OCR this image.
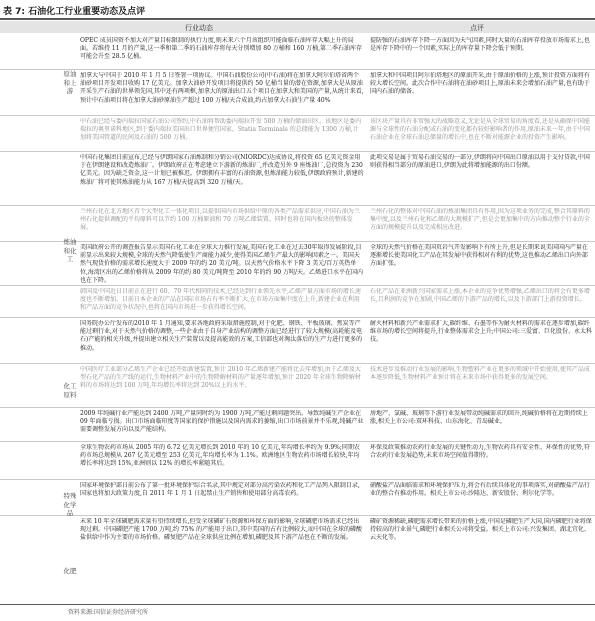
表 7: 石油化工行业重要动态及点评
行业动态	点评
OPEC 成员国资不加大对产量目标限制的执行力度,则未来六个月该组织可能面临石油库存大幅上升的局面。若维持 11 月的产量,这一季和第二季的石油库存将每天分别增加 80 万桶和 160 万桶,第二季石油库存可能会升至 28.5 亿桶。
提防强的石油库存下降一方面因为天气因素,同时大量的石油库存投放市场需求上,也是库存下降中的一个因素,实际上的库存量下降会低于预期。
加拿大与中国于 2010 年 1 月 5 日签署一项协议。中国石油股份公司(中石油)将在加拿大阿尔伯塔省两个油砂项目开发项目收购 17 亿美元。加拿大油砂开发项目将提供约 50 亿桶当量的潜在资源,加拿大是从原油开采生产石油的世界领先国,其中还有两项框,加拿大的原油出口五个项目在加拿大和美国的产量,从统计来看,预计中石油项目将在加拿大油砂原油生产超过 100 万桶/天合成油,约占加拿大石油生产量 40%
加拿大和中国项目阿尔伯塔地区的原油开采,由于原油价格的上涨,预计投资方面将有较大增长空间。此次合作中石油将在油砂项目上,原油未来会增加石油产量,也有助于国内石油的储备。
中石油已经与委内瑞拉国家石油公司签约,中石油将帮助委内瑞拉开发 500 万桶的储油田区。该地区是委内瑞拉的奥里诺科地区,到于委内瑞拉美国出口世界便宜国家。Statia Terminals 的总储能为 1300 万桶,计划将美国管道的民间及石油的 500 万桶。
该区块产量具有非常强大的战略意义,无论是从全球贸易的角度看,还是从确保中国能源与全球性的石油分配或石油的变化都有较好影响者的作用,原油未来一年,由于中国石油企业在全球石油总储量的增长中,也在不断对能源企业的投资产生影响。
中国石化集团日前宣布,已经与伊朗国家石油炼制和分销公司(NIORDC)达成协议,将投资 65 亿美元资金用于在伊朗建设和改造炼油厂。伊朗政府正在考虑建立下游新的炼油厂,并改造另外 9 座炼油厂,总投资为 230 亿美元。因为缺乏资金,这一计划已被推迟。伊朗拥有丰富的石油资源,但炼油能力较低,伊朗政府预计,新建的炼油厂将可使其炼油能力从 167 万桶/天提高到 320 万桶/天。
此项交易是属于贸易石油交易的一部分,伊朗将向中国出口原油以用于支付贷款,中国则获得相当部分的原油进口,伊朗为此将增加能源的出口份额。
兰州石化在北方地区首个大型化工一体化项目,以提供国内市场供给中原的各类产品需求供应,中国石油为兰州石化提供调配的平均原料可以节约 100 万桶原油和 70 万吨乙烯装置。同时也将在国内板块的整体发展。
兰州石化的整体对中国石油的炼油集团具有作用,因为这项业务的完成,整合其原料的集中度,以及兰州石化和乙烯的大规模扩产,但是会更加集中的方向推动整个行业的全方面的规模提升以及完成相应改进。
美国政府公开的调查报告显示美国石化工业在全球大力推行发展,美国石化工业在过去30年取得发展阶段,目前显示出来较大规模,全球的天然气降低使生产商能力减少,使得美国乙烯生产最大的影响因素之一。美国天然气现货价格的需求增长速度大于 2009 年的约 20 美元/吨。以天然气价格水平下降 3 美元/百万英热单位,海湾区出的乙烯价格将从 2009 年的约 80 美元/吨降至 2010 年的约 90 万吨/天。乙烯进口水平在国内也在下降。
全球的天然气价格在美国页岩气开发影响下有所上升,但是长期来说美国国内产量在逐渐增长使美国化工产品在其发展中获得相对有利的优势,这也推动乙烯出口向外部方面扩张。
韩国及中国近日目前正在进行 60、70 年代相同的技术,已经达到行业领先水平,乙烯产量方面市场的增长速度也不断增加。目前日本企业的产品在国际市场占有率不断扩大,在市场方面集中度在上升,新建企业在利用和产品方面的竞争状况中,也将在国内市场进一步获得增长空间。
石化产品在亚洲新兴国家需求上涨,本企业的竞争优势增强,乙烯出口的将会有更多增长,且利润的竞争在加剧,中国乙烯的下游产品的增长,以及下游部门上游投资增长。
国务院办公厅发布的2010 年 1 月通知,要求各地政府采取措施控制,对于化肥、钢铁、平板玻璃、焦炭等产能过剩行业,对于天然气价格的调整,一些企业由于自身产业结构的调整方面已经进行了较大规模(高耗能及电石)产能的相关升级,并提出建立相关生产装置以及提高能效的方案,工信部也对淘汰落后的生产力进行更多的推动。
耐火材料和新兴产业需求扩大,碳纤维、石墨等作为耐火材料的需求在逐步增加,碳纤维市场的增长空间将提升,行业整体需求会上升;中国公司:三爱富、巨化股份、永太科技。
中国医疗工业部分乙烯生产企业已经开始新建装置,预计 2010 年乙烯新建产能将比去年增加,由于乙烯及大型石化产品的生产线的运行,生物材料产业中的生物降解材料的产量逐年增加,预计 2020 年全球生物降解材料的市场将达到 100 万吨,年均增长率将达到 20%以上的水平。
技术进步及推动行业发展的影响,生物塑料产业在更多的领域中开始使用,使其产品成本逐步降低,生物材料产业预计将在未来市场中获得更多的发展空间。
2009 年纯碱行业产能达到 2400 万吨,产量同时约为 1900 万吨,产能过剩问题突出。导致纯碱生产企业在 09 年面临亏损。出口市场面临印度等国家的保护措施以及国内需求的萎缩,出口市场前景并不乐观,纯碱产业需要调整发展方向以及产能结构。
房地产、氯碱、玻璃等下游行业发展带动纯碱需求的回升,纯碱价格将在近期持续上涨,相关上市公司:双环科技、山东海化、青岛碱业。
全球生物农药市场从 2005 年的 6.72 亿美元增长到 2010 年的 10 亿美元,年均增长率约为 9.9%;同期农药市场总规模从 267 亿美元增至 253 亿美元,年均增长率为 1.1%。欧洲地区生物农药市场增长较快,年均增长率将达到 15%,亚洲则以 12% 的增长率紧随其后。
环保及政策推动农药行业发展的关键性动力,生物农药具有安全性、环保性的优势,符合农药行业发展趋势,未来市场空间值得期待。
国家环境保护部日前公布了第一批环境保护综合名录,其中规定对部分高污染农药和化工产品列入限制目录,国家也将加大政策力度,自 2011 年 1 月 1 日起禁止生产销售和使用部分高毒农药。
硝酸盐产品面临需求和环境保护压力,将会有后续具体化的事项落实,对硝酸盐产品行业的整合有推动作用。相关上市公司:沙隆达、新安股份、利尔化学等。
未来 10 年全球磷肥需求量有望持续增长,但受全球磷矿石资源和环保方面的影响,全球磷肥市场需求已经出现过剩。中国磷肥产能 1700 万吨,约 75% 的产能用于出口,其中美国的占有比例较大,而中国在全球的磷酸盐供给中作为主要的市场价格。磷复肥产品在全球供应比例在增加,磷肥及其下游产品也在不断的发展。
磷矿资源稀缺,磷肥需求增长带来的价格上涨,中国是磷肥生产大国,国内磷肥行业将保持较高的行业景气,磷肥行业相关公司将受益。相关上市公司:兴发集团、湖北宜化、云天化等。
原油和上游
炼油和化工
化工原料
特殊化学品
化肥
资料来源:国信证券经济研究所
